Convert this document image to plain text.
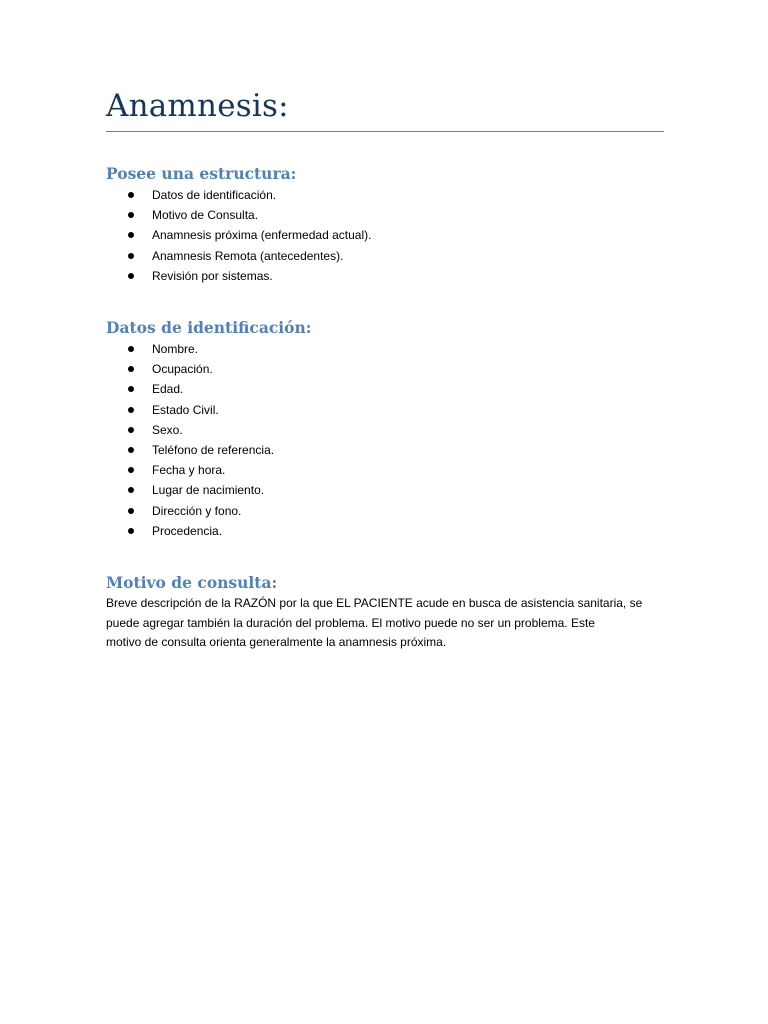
Anamnesis:
Posee una estructura:
Datos de identificación.
Motivo de Consulta.
Anamnesis próxima (enfermedad actual).
Anamnesis Remota (antecedentes).
Revisión por sistemas.
Datos de identificación:
Nombre.
Ocupación.
Edad.
Estado Civil.
Sexo.
Teléfono de referencia.
Fecha y hora.
Lugar de nacimiento.
Dirección y fono.
Procedencia.
Motivo de consulta:

Breve descripción de la RAZÓN por la que EL PACIENTE acude en busca de asistencia sanitaria, se
puede agregar también la duración del problema. El motivo puede no ser un problema. Este
motivo de consulta orienta generalmente la anamnesis próxima.
